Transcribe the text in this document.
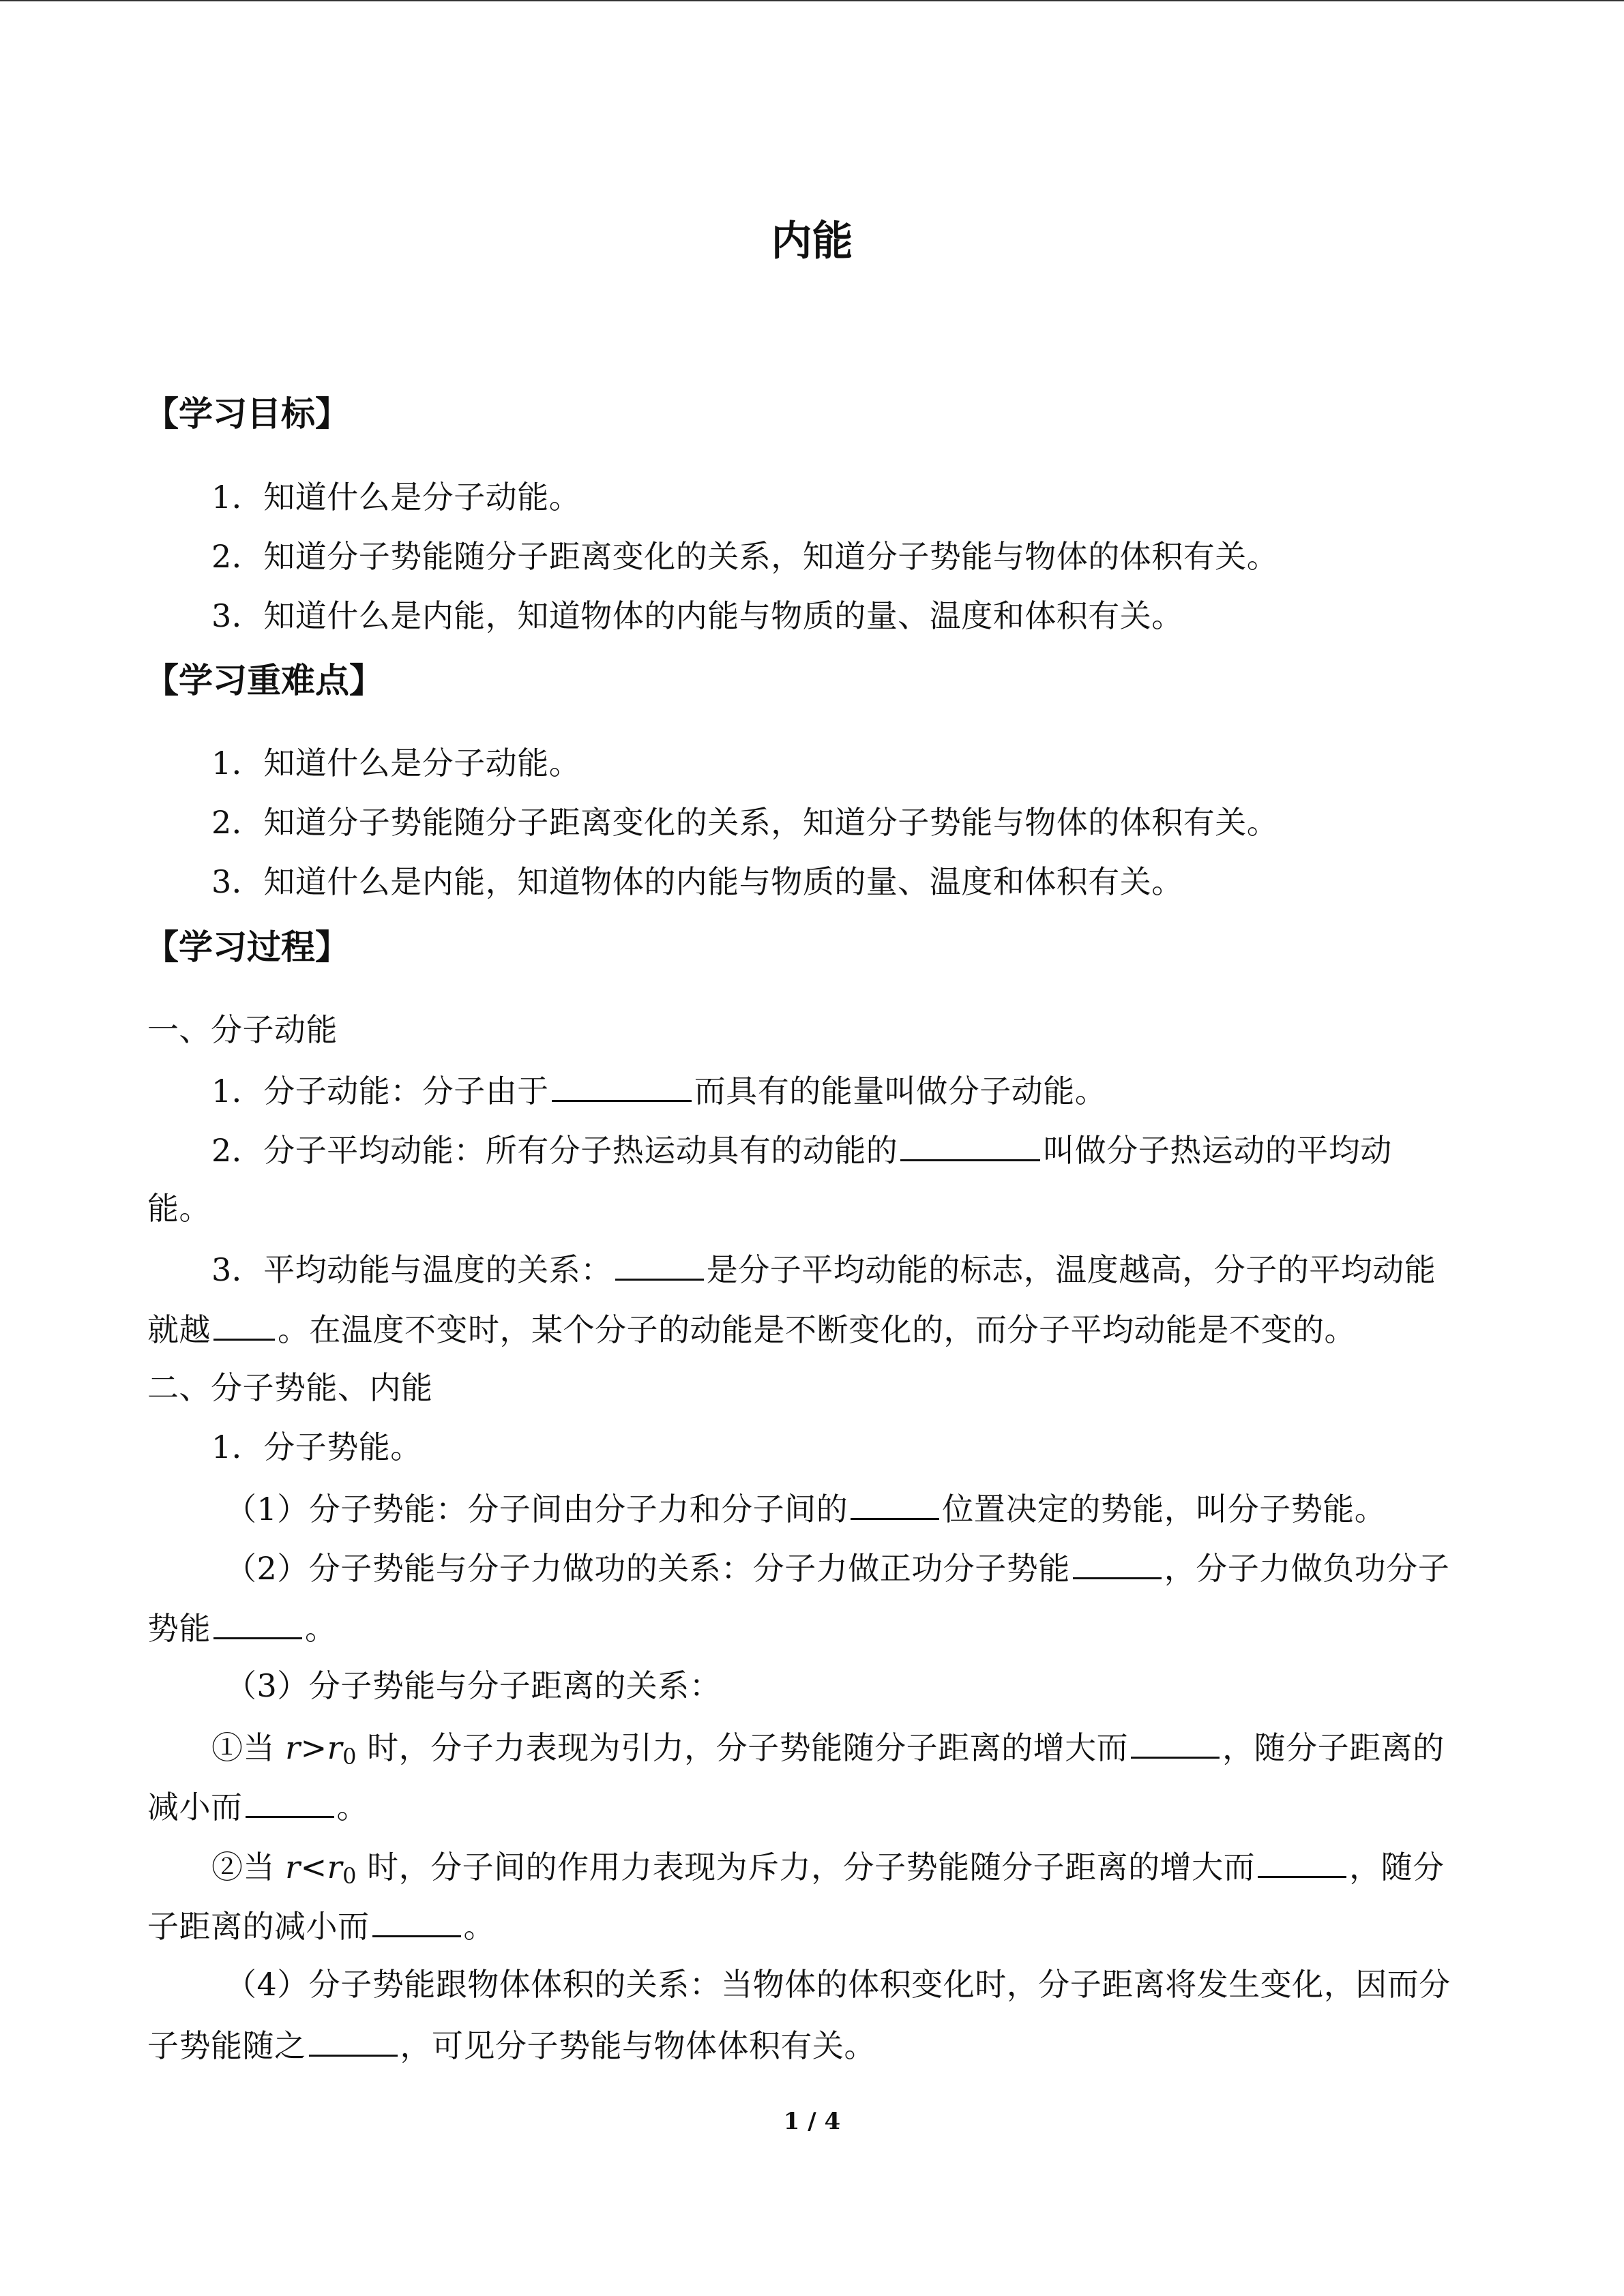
内能
【学习目标】
1．知道什么是分子动能。
2．知道分子势能随分子距离变化的关系，知道分子势能与物体的体积有关。
3．知道什么是内能，知道物体的内能与物质的量、温度和体积有关。
【学习重难点】
1．知道什么是分子动能。
2．知道分子势能随分子距离变化的关系，知道分子势能与物体的体积有关。
3．知道什么是内能，知道物体的内能与物质的量、温度和体积有关。
【学习过程】
一、分子动能
1．分子动能：分子由于	而具有的能量叫做分子动能。
2．分子平均动能：所有分子热运动具有的动能的	叫做分子热运动的平均动
能。
3．平均动能与温度的关系：	是分子平均动能的标志，温度越高，分子的平均动能
就越 。在温度不变时，某个分子的动能是不断变化的，而分子平均动能是不变的。
二、分子势能、内能
1．分子势能。
（1）分子势能：分子间由分子力和分子间的	位置决定的势能，叫分子势能。
（2）分子势能与分子力做功的关系：分子力做正功分子势能	，分子力做负功分子
势能	。
（3）分子势能与分子距离的关系：
①当 $r>r_0$ 时，分子力表现为引力，分子势能随分子距离的增大而	，随分子距离的
减小而	。
②当 $r<r_0$ 时，分子间的作用力表现为斥力，分子势能随分子距离的增大而	，随分
子距离的减小而	。
（4）分子势能跟物体体积的关系：当物体的体积变化时，分子距离将发生变化，因而分
子势能随之	，可见分子势能与物体体积有关。
1 / 4
